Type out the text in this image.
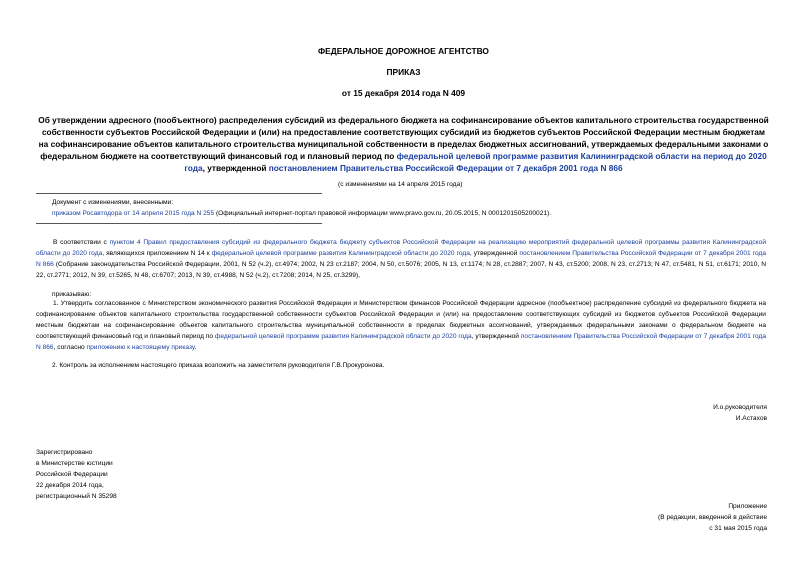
ФЕДЕРАЛЬНОЕ ДОРОЖНОЕ АГЕНТСТВО
ПРИКАЗ
от 15 декабря 2014 года N 409
Об утверждении адресного (пообъектного) распределения субсидий из федерального бюджета на софинансирование объектов капитального строительства государственной собственности субъектов Российской Федерации и (или) на предоставление соответствующих субсидий из бюджетов субъектов Российской Федерации местным бюджетам на софинансирование объектов капитального строительства муниципальной собственности в пределах бюджетных ассигнований, утверждаемых федеральными законами о федеральном бюджете на соответствующий финансовый год и плановый период по федеральной целевой программе развития Калининградской области на период до 2020 года, утвержденной постановлением Правительства Российской Федерации от 7 декабря 2001 года N 866
(с изменениями на 14 апреля 2015 года)
Документ с изменениями, внесенными:
приказом Росавтодора от 14 апреля 2015 года N 255 (Официальный интернет-портал правовой информации www.pravo.gov.ru, 20.05.2015, N 0001201505200021).
В соответствии с пунктом 4 Правил предоставления субсидий из федерального бюджета бюджету субъектов Российской Федерации на реализацию мероприятий федеральной целевой программы развития Калининградской области до 2020 года, являющихся приложением N 14 к федеральной целевой программе развития Калининградской области до 2020 года, утвержденной постановлением Правительства Российской Федерации от 7 декабря 2001 года N 866 (Собрание законодательства Российской Федерации, 2001, N 52 (ч.2), ст.4974; 2002, N 23 ст.2187; 2004, N 50, ст.5076; 2005, N 13, ст.1174; N 28, ст.2887; 2007, N 43, ст.5200; 2008, N 23, ст.2713; N 47, ст.5481, N 51, ст.6171; 2010, N 22, ст.2771; 2012, N 39, ст.5265, N 48, ст.6707; 2013, N 39, ст.4988, N 52 (ч.2), ст.7208; 2014, N 25, ст.3299),
приказываю:
1. Утвердить согласованное с Министерством экономического развития Российской Федерации и Министерством финансов Российской Федерации адресное (пообъектное) распределение субсидий из федерального бюджета на софинансирование объектов капитального строительства государственной собственности субъектов Российской Федерации и (или) на предоставление соответствующих субсидий из бюджетов субъектов Российской Федерации местным бюджетам на софинансирование объектов капитального строительства муниципальной собственности в пределах бюджетных ассигнований, утверждаемых федеральными законами о федеральном бюджете на соответствующий финансовый год и плановый период по федеральной целевой программе развития Калининградской области до 2020 года, утвержденной постановлением Правительства Российской Федерации от 7 декабря 2001 года N 866, согласно приложению к настоящему приказу.
2. Контроль за исполнением настоящего приказа возложить на заместителя руководителя Г.В.Прокуронова.
И.о.руководителя
И.Астахов
Зарегистрировано
в Министерстве юстиции
Российской Федерации
22 декабря 2014 года,
регистрационный N 35298
Приложение
(В редакции, введенной в действие
с 31 мая 2015 года
